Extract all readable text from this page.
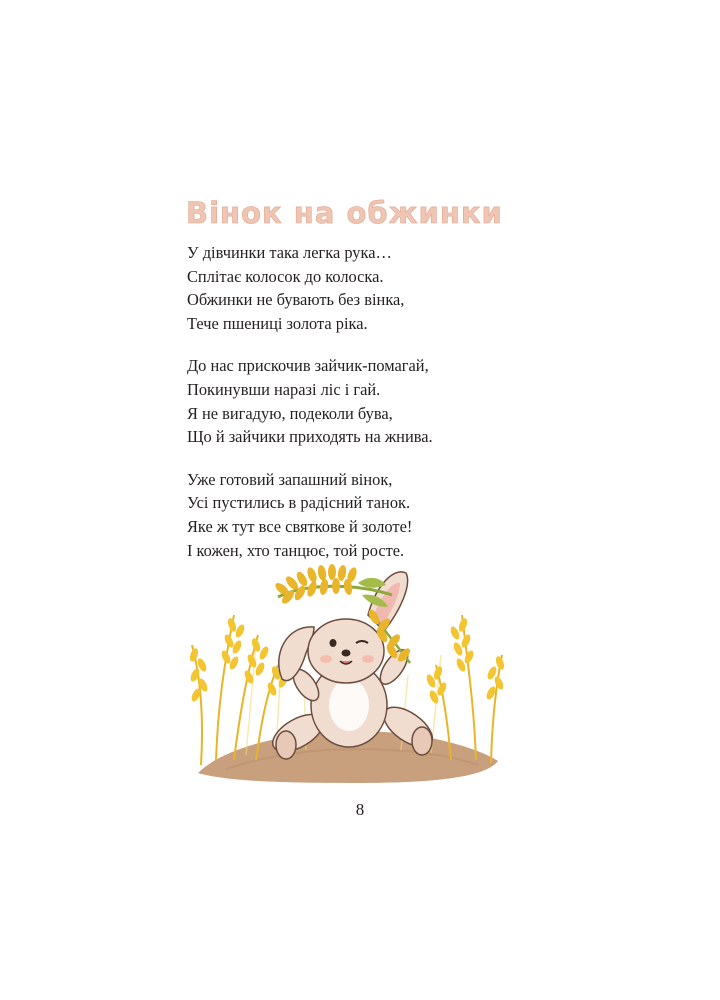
Вінок на обжинки
У дівчинки така легка рука…
Сплітає колосок до колоска.
Обжинки не бувають без вінка,
Тече пшениці золота ріка.
До нас прискочив зайчик-помагай,
Покинувши наразі ліс і гай.
Я не вигадую, подеколи бува,
Що й зайчики приходять на жнива.
Уже готовий запашний вінок,
Усі пустились в радісний танок.
Яке ж тут все святкове й золоте!
І кожен, хто танцює, той росте.
8
